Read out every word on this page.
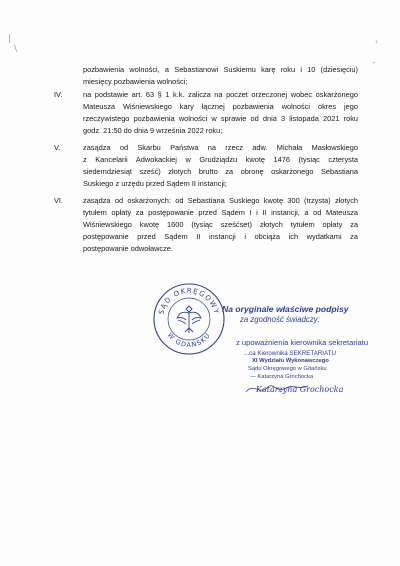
|
\
-
'
pozbawienia wolności, a Sebastianowi Suskiemu karę roku i 10 (dziesięciu)
miesięcy pozbawienia wolności;
IV.	na podstawie art. 63 § 1 k.k. zalicza na poczet orzeczonej wobec oskarżonego
Mateusza Wiśniewskiego kary łącznej pozbawienia wolności okres jego
rzeczywistego pozbawienia wolności w sprawie od dnia 3 listopada 2021 roku
godz. 21:50 do dnia 9 września 2022 roku;
V.	zasądza od Skarbu Państwa na rzecz adw. Michała Masłowskiego
z Kancelarii Adwokackiej w Grudziądzu kwotę 1476 (tysiąc czterysta
siedemdziesiąt sześć) złotych brutto za obronę oskarżonego Sebastiana
Suskiego z urzędu przed Sądem II instancji;
VI.	zasądza od oskarżonych: od Sebastiana Suskiego kwotę 300 (trzysta) złotych
tytułem opłaty za postępowanie przed Sądem I i II instancji, a od Mateusza
Wiśniewskiego kwotę 1600 (tysiąc sześćset) złotych tytułem opłaty za
postępowanie przed Sądem II instancji i obciąża ich wydatkami za
postępowanie odwoławcze.
SĄD OKRĘGOWY
W GDAŃSKU
Na oryginale właściwe podpisy
za zgodność świadczy:
z upoważnienia kierownika sekretariatu
...ca Kierownika SEKRETARIATU
XI Wydziału Wykonawczego
Sądu Okręgowego w Gdańsku
— Katarzyna Grochocka
Katarzyna Grochocka
